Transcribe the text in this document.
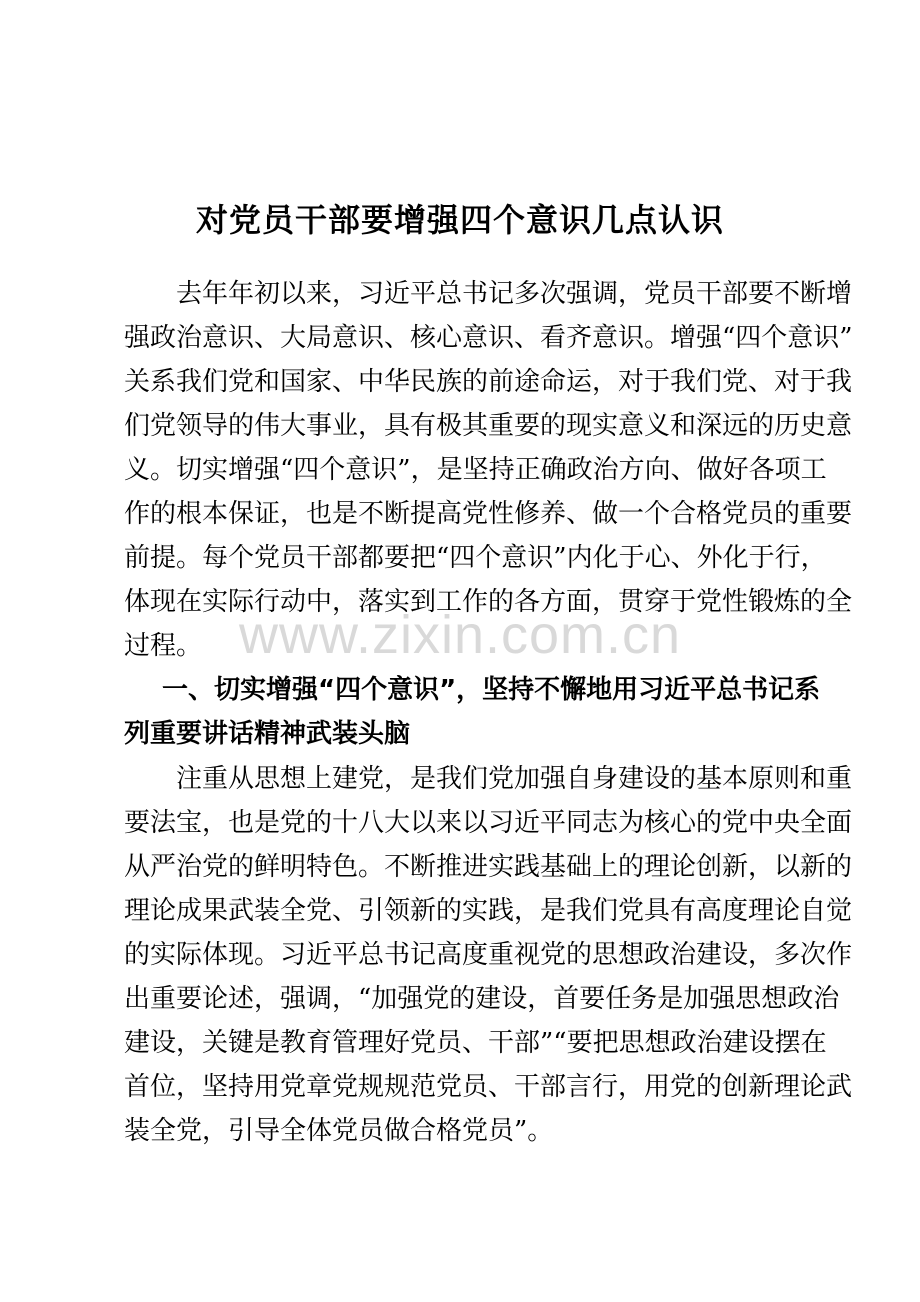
对党员干部要增强四个意识几点认识
www.zixin.com.cn
去年年初以来，习近平总书记多次强调，党员干部要不断增
强政治意识、大局意识、核心意识、看齐意识。增强“四个意识”
关系我们党和国家、中华民族的前途命运，对于我们党、对于我
们党领导的伟大事业，具有极其重要的现实意义和深远的历史意
义。切实增强“四个意识”，是坚持正确政治方向、做好各项工
作的根本保证，也是不断提高党性修养、做一个合格党员的重要
前提。每个党员干部都要把“四个意识”内化于心、外化于行，
体现在实际行动中，落实到工作的各方面，贯穿于党性锻炼的全
过程。
一、切实增强“四个意识”，坚持不懈地用习近平总书记系
列重要讲话精神武装头脑
注重从思想上建党，是我们党加强自身建设的基本原则和重
要法宝，也是党的十八大以来以习近平同志为核心的党中央全面
从严治党的鲜明特色。不断推进实践基础上的理论创新，以新的
理论成果武装全党、引领新的实践，是我们党具有高度理论自觉
的实际体现。习近平总书记高度重视党的思想政治建设，多次作
出重要论述，强调，“加强党的建设，首要任务是加强思想政治
建设，关键是教育管理好党员、干部”“要把思想政治建设摆在
首位，坚持用党章党规规范党员、干部言行，用党的创新理论武
装全党，引导全体党员做合格党员”。
